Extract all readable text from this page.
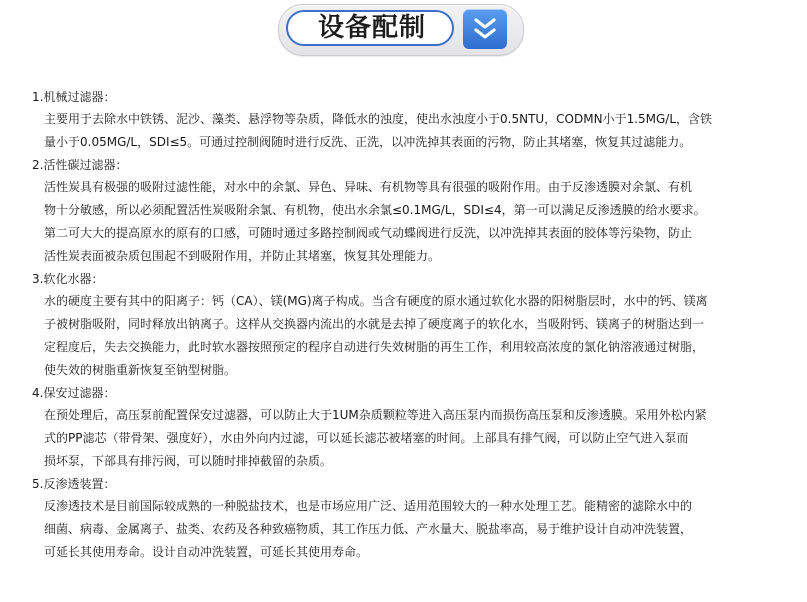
设备配制
1.机械过滤器：
主要用于去除水中铁锈、泥沙、藻类、悬浮物等杂质，降低水的浊度，使出水浊度小于0.5NTU，CODMN小于1.5MG/L，含铁
量小于0.05MG/L，SDI≤5。可通过控制阀随时进行反洗、正洗，以冲洗掉其表面的污物，防止其堵塞，恢复其过滤能力。
2.活性碳过滤器：
活性炭具有极强的吸附过滤性能，对水中的余氯、异色、异味、有机物等具有很强的吸附作用。由于反渗透膜对余氯、有机
物十分敏感，所以必须配置活性炭吸附余氯、有机物，使出水余氯≤0.1MG/L，SDI≤4，第一可以满足反渗透膜的给水要求。
第二可大大的提高原水的原有的口感，可随时通过多路控制阀或气动蝶阀进行反洗，以冲洗掉其表面的胶体等污染物，防止
活性炭表面被杂质包围起不到吸附作用，并防止其堵塞，恢复其处理能力。
3.软化水器：
水的硬度主要有其中的阳离子：钙（CA）、镁(MG)离子构成。当含有硬度的原水通过软化水器的阳树脂层时，水中的钙、镁离
子被树脂吸附，同时释放出钠离子。这样从交换器内流出的水就是去掉了硬度离子的软化水，当吸附钙、镁离子的树脂达到一
定程度后，失去交换能力，此时软水器按照预定的程序自动进行失效树脂的再生工作，利用较高浓度的氯化钠溶液通过树脂，
使失效的树脂重新恢复至钠型树脂。
4.保安过滤器：
在预处理后，高压泵前配置保安过滤器，可以防止大于1UM杂质颗粒等进入高压泵内而损伤高压泵和反渗透膜。采用外松内紧
式的PP滤芯（带骨架、强度好），水由外向内过滤，可以延长滤芯被堵塞的时间。上部具有排气阀，可以防止空气进入泵而
损坏泵，下部具有排污阀，可以随时排掉截留的杂质。
5.反渗透装置：
反渗透技术是目前国际较成熟的一种脱盐技术，也是市场应用广泛、适用范围较大的一种水处理工艺。能精密的滤除水中的
细菌、病毒、金属离子、盐类、农药及各种致癌物质，其工作压力低、产水量大、脱盐率高，易于维护设计自动冲洗装置，
可延长其使用寿命。设计自动冲洗装置，可延长其使用寿命。
